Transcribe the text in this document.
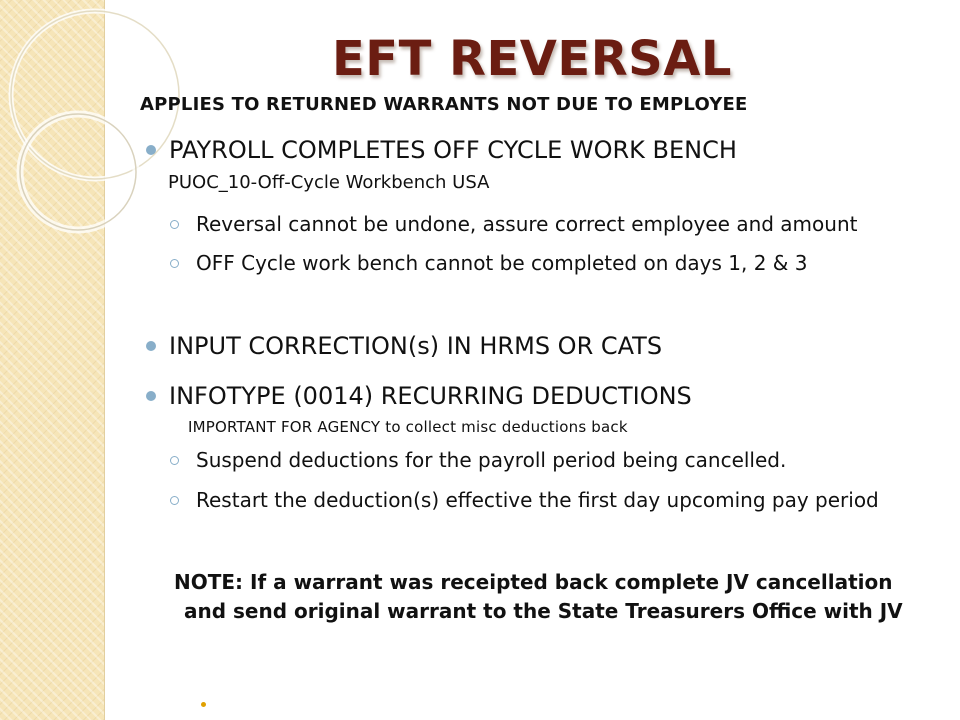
EFT REVERSAL

APPLIES TO RETURNED WARRANTS NOT DUE TO EMPLOYEE

PAYROLL COMPLETES OFF CYCLE WORK BENCH
PUOC_10-Off-Cycle Workbench USA
Reversal cannot be undone, assure correct employee and amount
OFF Cycle work bench cannot be completed on days 1, 2 & 3
INPUT CORRECTION(s) IN HRMS OR CATS
INFOTYPE (0014) RECURRING DEDUCTIONS
IMPORTANT FOR AGENCY to collect misc deductions back
Suspend deductions for the payroll period being cancelled.
Restart the deduction(s) effective the first day upcoming pay period
NOTE: If a warrant was receipted back complete JV cancellation and send original warrant to the State Treasurers Office with JV
